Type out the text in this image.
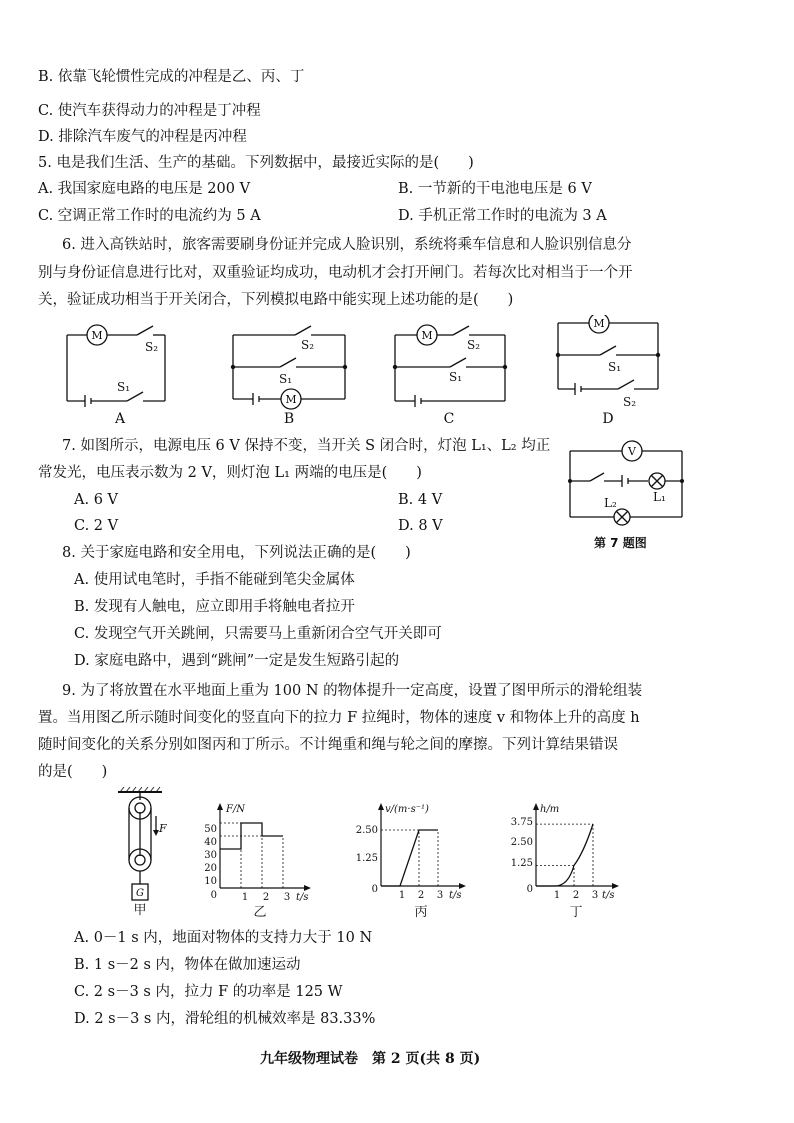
B. 依靠飞轮惯性完成的冲程是乙、丙、丁
C. 使汽车获得动力的冲程是丁冲程
D. 排除汽车废气的冲程是丙冲程
5. 电是我们生活、生产的基础。下列数据中，最接近实际的是(　　)
A. 我国家庭电路的电压是 200 V	B. 一节新的干电池电压是 6 V
C. 空调正常工作时的电流约为 5 A	D. 手机正常工作时的电流为 3 A
6. 进入高铁站时，旅客需要刷身份证并完成人脸识别，系统将乘车信息和人脸识别信息分
别与身份证信息进行比对，双重验证均成功，电动机才会打开闸门。若每次比对相当于一个开
关，验证成功相当于开关闭合，下列模拟电路中能实现上述功能的是(　　)
M
M
M
M
S₂
S₁
S₂
S₁
S₂
S₁
S₁
S₂
A	B	C	D
7. 如图所示，电源电压 6 V 保持不变，当开关 S 闭合时，灯泡 L₁、L₂ 均正
常发光，电压表示数为 2 V，则灯泡 L₁ 两端的电压是(　　)
A. 6 V	B. 4 V
C. 2 V	D. 8 V
V
L₁
L₂
第 7 题图
8. 关于家庭电路和安全用电，下列说法正确的是(　　)
A. 使用试电笔时，手指不能碰到笔尖金属体
B. 发现有人触电，应立即用手将触电者拉开
C. 发现空气开关跳闸，只需要马上重新闭合空气开关即可
D. 家庭电路中，遇到“跳闸”一定是发生短路引起的
9. 为了将放置在水平地面上重为 100 N 的物体提升一定高度，设置了图甲所示的滑轮组装
置。当用图乙所示随时间变化的竖直向下的拉力 F 拉绳时，物体的速度 v 和物体上升的高度 h
随时间变化的关系分别如图丙和丁所示。不计绳重和绳与轮之间的摩擦。下列计算结果错误
的是(　　)
F
G
甲
F/N
50
40
30
20
10
0 1 2 3 t/s
乙
v/(m·s⁻¹)
2.50
1.25
0
1 2 3 t/s
丙
h/m
3.75
2.50
1.25
0
1 2 3 t/s
丁
A. 0－1 s 内，地面对物体的支持力大于 10 N
B. 1 s－2 s 内，物体在做加速运动
C. 2 s－3 s 内，拉力 F 的功率是 125 W
D. 2 s－3 s 内，滑轮组的机械效率是 83.33%
九年级物理试卷　第 2 页(共 8 页)
